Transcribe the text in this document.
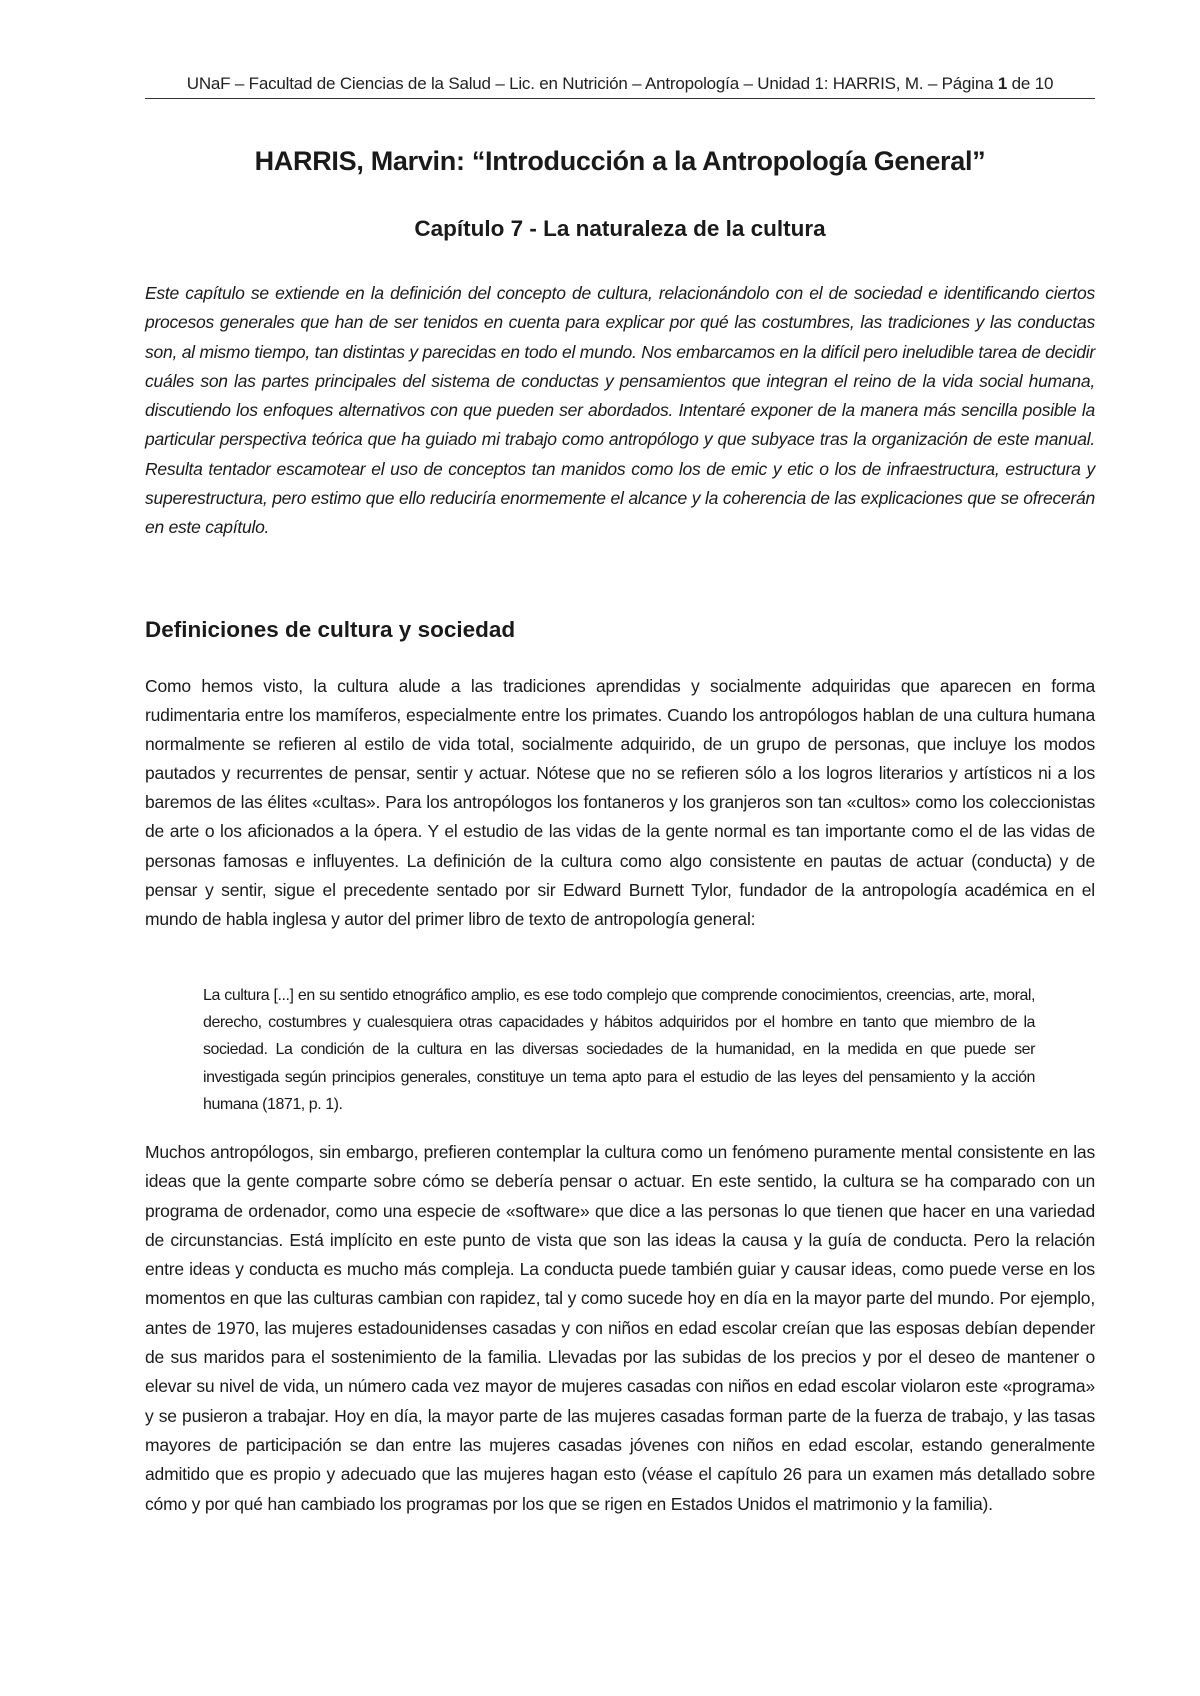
UNaF – Facultad de Ciencias de la Salud – Lic. en Nutrición – Antropología – Unidad 1: HARRIS, M. – Página 1 de 10
HARRIS, Marvin: “Introducción a la Antropología General”
Capítulo 7 - La naturaleza de la cultura

Este capítulo se extiende en la definición del concepto de cultura, relacionándolo con el de sociedad e identificando ciertos procesos generales que han de ser tenidos en cuenta para explicar por qué las costumbres, las tradiciones y las conductas son, al mismo tiempo, tan distintas y parecidas en todo el mundo. Nos embarcamos en la difícil pero ineludible tarea de decidir cuáles son las partes principales del sistema de conductas y pensamientos que integran el reino de la vida social humana, discutiendo los enfoques alternativos con que pueden ser abordados. Intentaré exponer de la manera más sencilla posible la particular perspectiva teórica que ha guiado mi trabajo como antropólogo y que subyace tras la organización de este manual. Resulta tentador escamotear el uso de conceptos tan manidos como los de emic y etic o los de infraestructura, estructura y superestructura, pero estimo que ello reduciría enormemente el alcance y la coherencia de las explicaciones que se ofrecerán en este capítulo.

Definiciones de cultura y sociedad

Como hemos visto, la cultura alude a las tradiciones aprendidas y socialmente adquiridas que aparecen en forma rudimentaria entre los mamíferos, especialmente entre los primates. Cuando los antropólogos hablan de una cultura humana normalmente se refieren al estilo de vida total, socialmente adquirido, de un grupo de personas, que incluye los modos pautados y recurrentes de pensar, sentir y actuar. Nótese que no se refieren sólo a los logros literarios y artísticos ni a los baremos de las élites «cultas». Para los antropólogos los fontaneros y los granjeros son tan «cultos» como los coleccionistas de arte o los aficionados a la ópera. Y el estudio de las vidas de la gente normal es tan importante como el de las vidas de personas famosas e influyentes. La definición de la cultura como algo consistente en pautas de actuar (conducta) y de pensar y sentir, sigue el precedente sentado por sir Edward Burnett Tylor, fundador de la antropología académica en el mundo de habla inglesa y autor del primer libro de texto de antropología general:

La cultura [...] en su sentido etnográfico amplio, es ese todo complejo que comprende conocimientos, creencias, arte, moral, derecho, costumbres y cualesquiera otras capacidades y hábitos adquiridos por el hombre en tanto que miembro de la sociedad. La condición de la cultura en las diversas sociedades de la humanidad, en la medida en que puede ser investigada según principios generales, constituye un tema apto para el estudio de las leyes del pensamiento y la acción humana (1871, p. 1).

Muchos antropólogos, sin embargo, prefieren contemplar la cultura como un fenómeno puramente mental consistente en las ideas que la gente comparte sobre cómo se debería pensar o actuar. En este sentido, la cultura se ha comparado con un programa de ordenador, como una especie de «software» que dice a las personas lo que tienen que hacer en una variedad de circunstancias. Está implícito en este punto de vista que son las ideas la causa y la guía de conducta. Pero la relación entre ideas y conducta es mucho más compleja. La conducta puede también guiar y causar ideas, como puede verse en los momentos en que las culturas cambian con rapidez, tal y como sucede hoy en día en la mayor parte del mundo. Por ejemplo, antes de 1970, las mujeres estadounidenses casadas y con niños en edad escolar creían que las esposas debían depender de sus maridos para el sostenimiento de la familia. Llevadas por las subidas de los precios y por el deseo de mantener o elevar su nivel de vida, un número cada vez mayor de mujeres casadas con niños en edad escolar violaron este «programa» y se pusieron a trabajar. Hoy en día, la mayor parte de las mujeres casadas forman parte de la fuerza de trabajo, y las tasas mayores de participación se dan entre las mujeres casadas jóvenes con niños en edad escolar, estando generalmente admitido que es propio y adecuado que las mujeres hagan esto (véase el capítulo 26 para un examen más detallado sobre cómo y por qué han cambiado los programas por los que se rigen en Estados Unidos el matrimonio y la familia).
